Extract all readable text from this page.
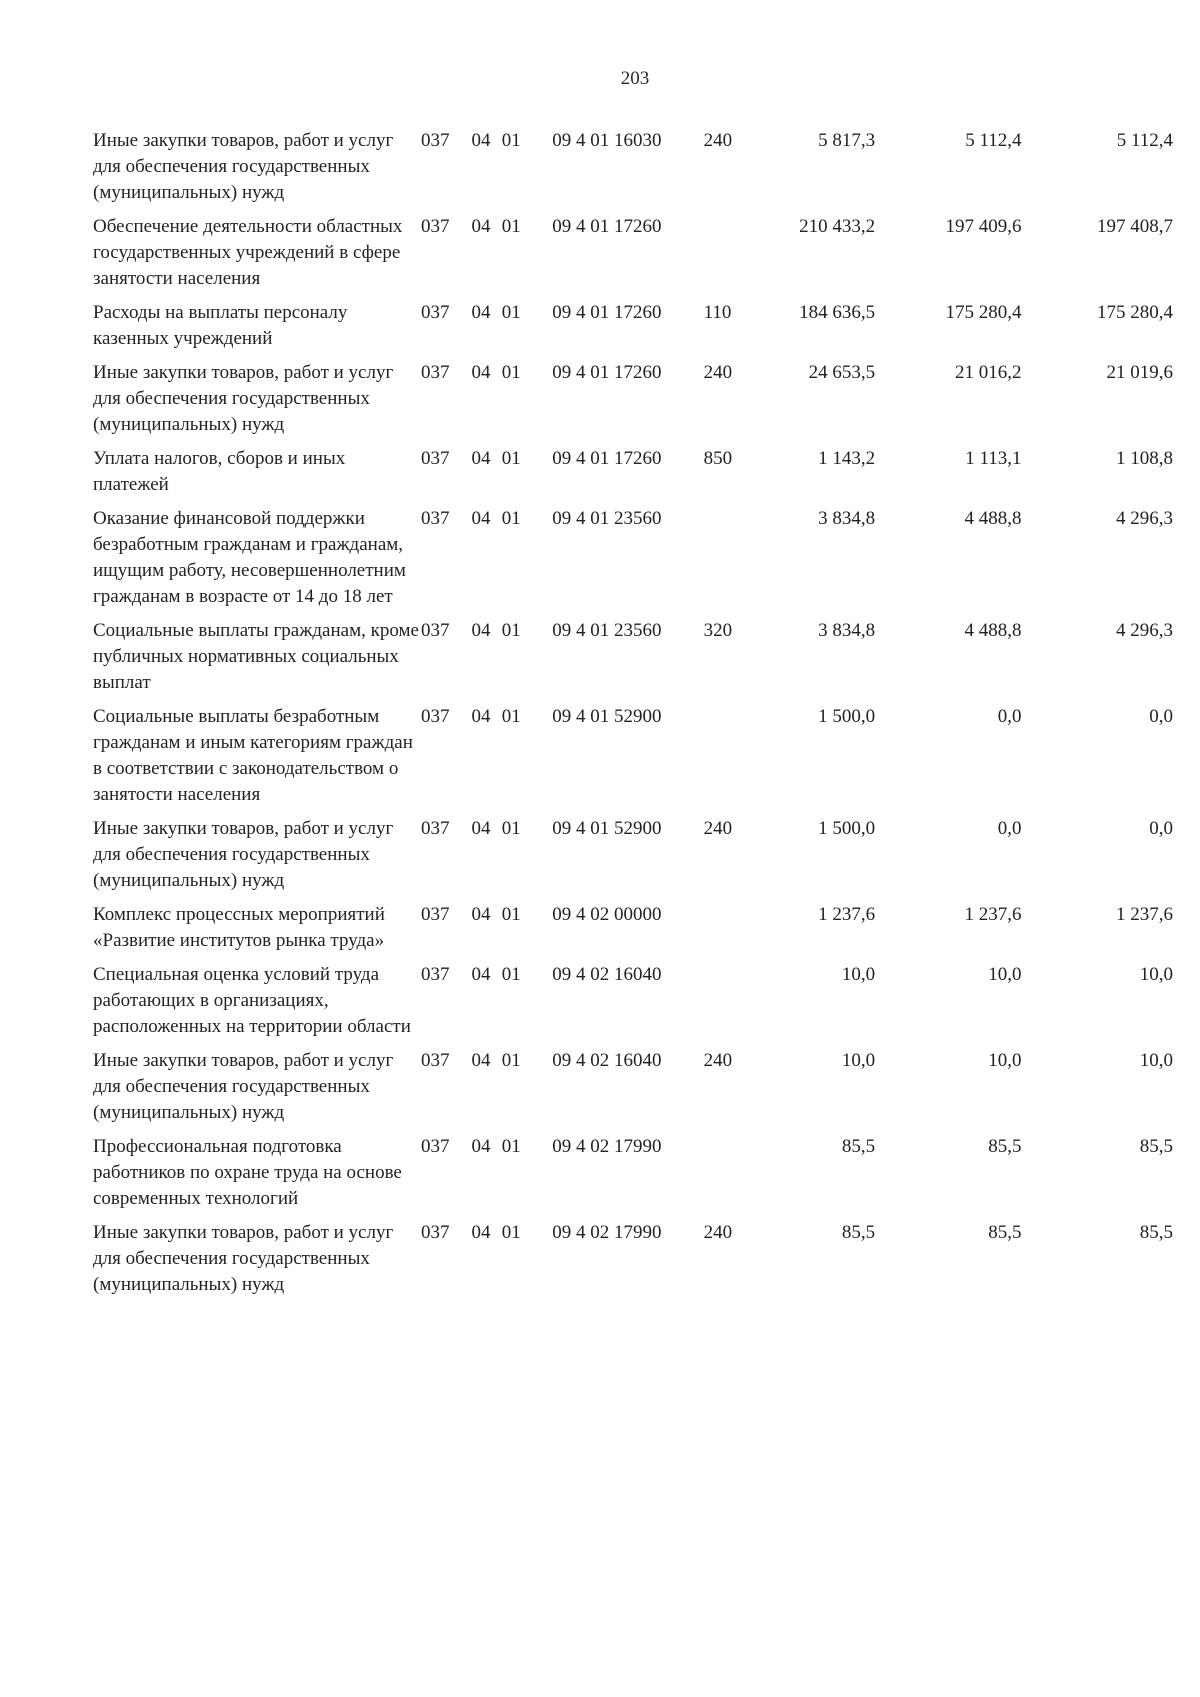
203
Иные закупки товаров, работ и услуг для обеспечения государственных (муниципальных) нужд	037	04	01	09 4 01 16030	240	5 817,3	5 112,4	5 112,4
Обеспечение деятельности областных государственных учреждений в сфере занятости населения	037	04	01	09 4 01 17260		210 433,2	197 409,6	197 408,7
Расходы на выплаты персоналу казенных учреждений	037	04	01	09 4 01 17260	110	184 636,5	175 280,4	175 280,4
Иные закупки товаров, работ и услуг для обеспечения государственных (муниципальных) нужд	037	04	01	09 4 01 17260	240	24 653,5	21 016,2	21 019,6
Уплата налогов, сборов и иных платежей	037	04	01	09 4 01 17260	850	1 143,2	1 113,1	1 108,8
Оказание финансовой поддержки безработным гражданам и гражданам, ищущим работу, несовершеннолетним гражданам в возрасте от 14 до 18 лет	037	04	01	09 4 01 23560		3 834,8	4 488,8	4 296,3
Социальные выплаты гражданам, кроме публичных нормативных социальных выплат	037	04	01	09 4 01 23560	320	3 834,8	4 488,8	4 296,3
Социальные выплаты безработным гражданам и иным категориям граждан в соответствии с законодательством о занятости населения	037	04	01	09 4 01 52900		1 500,0	0,0	0,0
Иные закупки товаров, работ и услуг для обеспечения государственных (муниципальных) нужд	037	04	01	09 4 01 52900	240	1 500,0	0,0	0,0
Комплекс процессных мероприятий «Развитие институтов рынка труда»	037	04	01	09 4 02 00000		1 237,6	1 237,6	1 237,6
Специальная оценка условий труда работающих в организациях, расположенных на территории области	037	04	01	09 4 02 16040		10,0	10,0	10,0
Иные закупки товаров, работ и услуг для обеспечения государственных (муниципальных) нужд	037	04	01	09 4 02 16040	240	10,0	10,0	10,0
Профессиональная подготовка работников по охране труда на основе современных технологий	037	04	01	09 4 02 17990		85,5	85,5	85,5
Иные закупки товаров, работ и услуг для обеспечения государственных (муниципальных) нужд	037	04	01	09 4 02 17990	240	85,5	85,5	85,5
